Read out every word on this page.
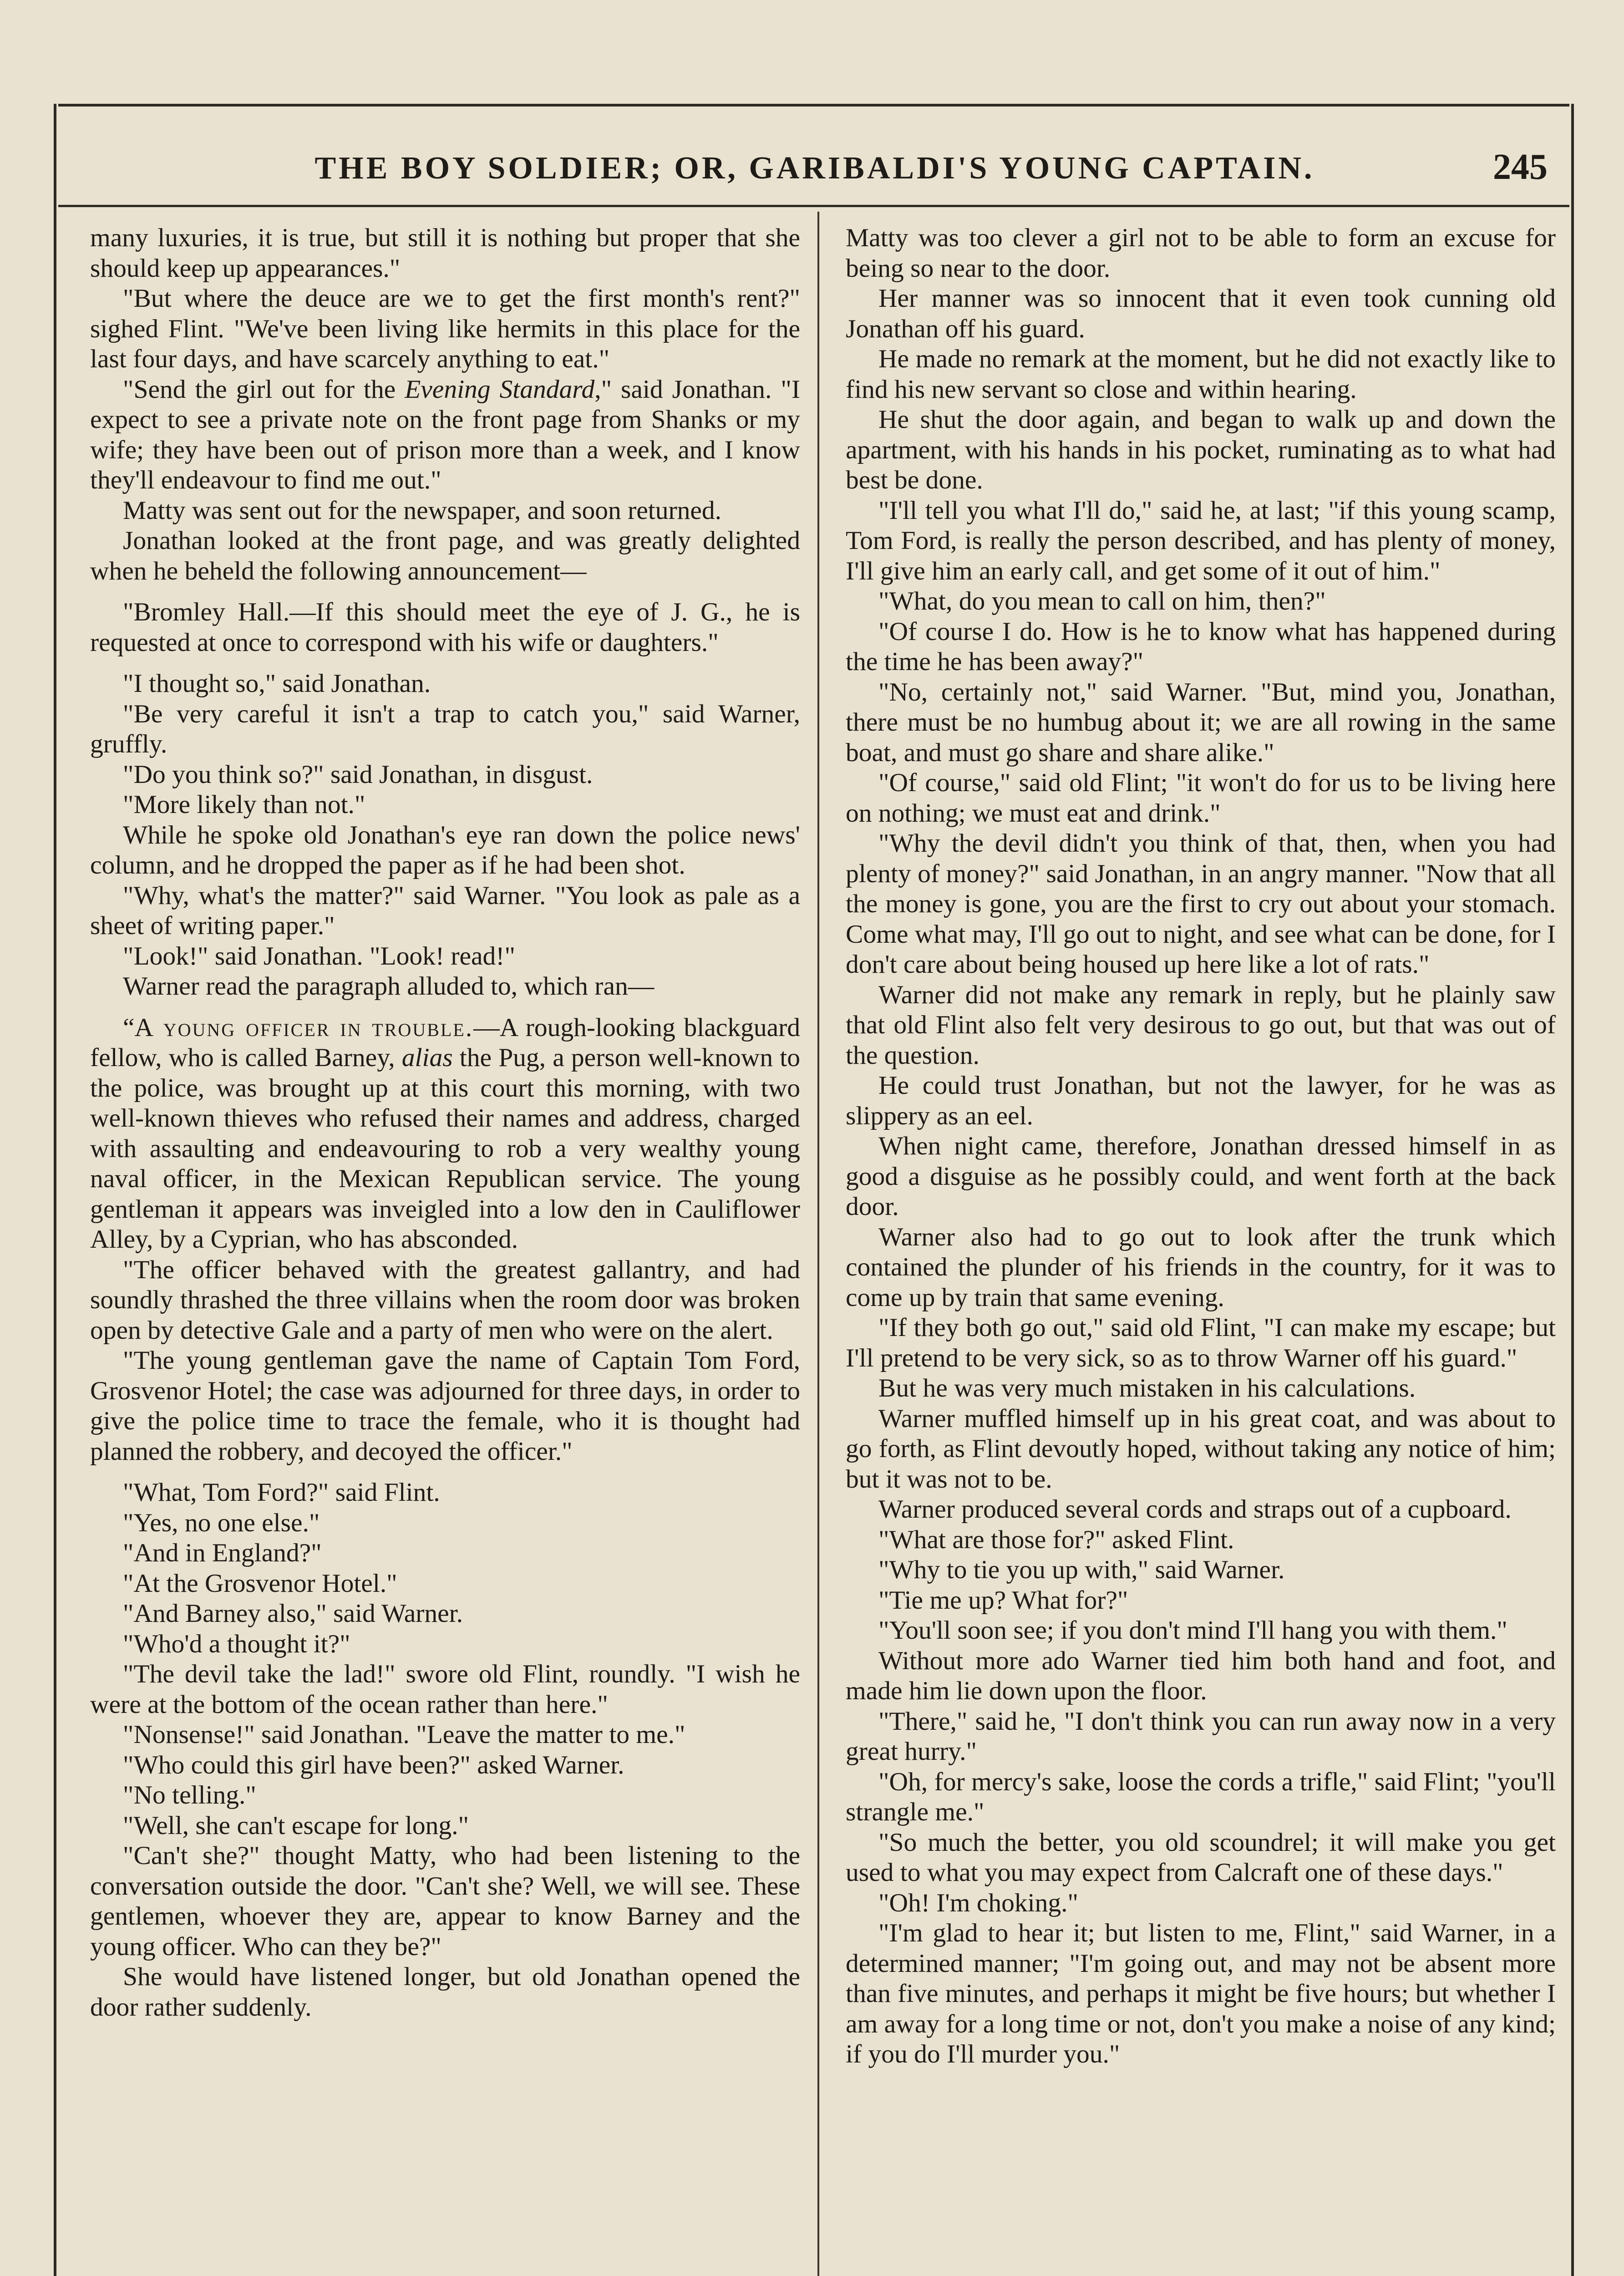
THE BOY SOLDIER; OR, GARIBALDI'S YOUNG CAPTAIN.	245

many luxuries, it is true, but still it is nothing but proper that she should keep up appearances."

"But where the deuce are we to get the first month's rent?" sighed Flint. "We've been living like hermits in this place for the last four days, and have scarcely anything to eat."

"Send the girl out for the Evening Standard," said Jonathan. "I expect to see a private note on the front page from Shanks or my wife; they have been out of prison more than a week, and I know they'll endeavour to find me out."

Matty was sent out for the newspaper, and soon returned.

Jonathan looked at the front page, and was greatly delighted when he beheld the following announcement—

"Bromley Hall.—If this should meet the eye of J. G., he is requested at once to correspond with his wife or daughters."

"I thought so," said Jonathan.

"Be very careful it isn't a trap to catch you," said Warner, gruffly.

"Do you think so?" said Jonathan, in disgust.

"More likely than not."

While he spoke old Jonathan's eye ran down the police news' column, and he dropped the paper as if he had been shot.

"Why, what's the matter?" said Warner. "You look as pale as a sheet of writing paper."

"Look!" said Jonathan. "Look! read!"

Warner read the paragraph alluded to, which ran—

“A young officer in trouble.—A rough-looking blackguard fellow, who is called Barney, alias the Pug, a person well-known to the police, was brought up at this court this morning, with two well-known thieves who refused their names and address, charged with assaulting and endeavouring to rob a very wealthy young naval officer, in the Mexican Republican service. The young gentleman it appears was inveigled into a low den in Cauliflower Alley, by a Cyprian, who has absconded.

"The officer behaved with the greatest gallantry, and had soundly thrashed the three villains when the room door was broken open by detective Gale and a party of men who were on the alert.

"The young gentleman gave the name of Captain Tom Ford, Grosvenor Hotel; the case was adjourned for three days, in order to give the police time to trace the female, who it is thought had planned the robbery, and decoyed the officer."

"What, Tom Ford?" said Flint.

"Yes, no one else."

"And in England?"

"At the Grosvenor Hotel."

"And Barney also," said Warner.

"Who'd a thought it?"

"The devil take the lad!" swore old Flint, roundly. "I wish he were at the bottom of the ocean rather than here."

"Nonsense!" said Jonathan. "Leave the matter to me."

"Who could this girl have been?" asked Warner.

"No telling."

"Well, she can't escape for long."

"Can't she?" thought Matty, who had been listening to the conversation outside the door. "Can't she? Well, we will see. These gentlemen, whoever they are, appear to know Barney and the young officer. Who can they be?"

She would have listened longer, but old Jonathan opened the door rather suddenly.

Matty was too clever a girl not to be able to form an excuse for being so near to the door.

Her manner was so innocent that it even took cunning old Jonathan off his guard.

He made no remark at the moment, but he did not exactly like to find his new servant so close and within hearing.

He shut the door again, and began to walk up and down the apartment, with his hands in his pocket, ruminating as to what had best be done.

"I'll tell you what I'll do," said he, at last; "if this young scamp, Tom Ford, is really the person described, and has plenty of money, I'll give him an early call, and get some of it out of him."

"What, do you mean to call on him, then?"

"Of course I do. How is he to know what has happened during the time he has been away?"

"No, certainly not," said Warner. "But, mind you, Jonathan, there must be no humbug about it; we are all rowing in the same boat, and must go share and share alike."

"Of course," said old Flint; "it won't do for us to be living here on nothing; we must eat and drink."

"Why the devil didn't you think of that, then, when you had plenty of money?" said Jonathan, in an angry manner. "Now that all the money is gone, you are the first to cry out about your stomach. Come what may, I'll go out to night, and see what can be done, for I don't care about being housed up here like a lot of rats."

Warner did not make any remark in reply, but he plainly saw that old Flint also felt very desirous to go out, but that was out of the question.

He could trust Jonathan, but not the lawyer, for he was as slippery as an eel.

When night came, therefore, Jonathan dressed himself in as good a disguise as he possibly could, and went forth at the back door.

Warner also had to go out to look after the trunk which contained the plunder of his friends in the country, for it was to come up by train that same evening.

"If they both go out," said old Flint, "I can make my escape; but I'll pretend to be very sick, so as to throw Warner off his guard."

But he was very much mistaken in his calculations.

Warner muffled himself up in his great coat, and was about to go forth, as Flint devoutly hoped, without taking any notice of him; but it was not to be.

Warner produced several cords and straps out of a cupboard.

"What are those for?" asked Flint.

"Why to tie you up with," said Warner.

"Tie me up? What for?"

"You'll soon see; if you don't mind I'll hang you with them."

Without more ado Warner tied him both hand and foot, and made him lie down upon the floor.

"There," said he, "I don't think you can run away now in a very great hurry."

"Oh, for mercy's sake, loose the cords a trifle," said Flint; "you'll strangle me."

"So much the better, you old scoundrel; it will make you get used to what you may expect from Calcraft one of these days."

"Oh! I'm choking."

"I'm glad to hear it; but listen to me, Flint," said Warner, in a determined manner; "I'm going out, and may not be absent more than five minutes, and perhaps it might be five hours; but whether I am away for a long time or not, don't you make a noise of any kind; if you do I'll murder you."
